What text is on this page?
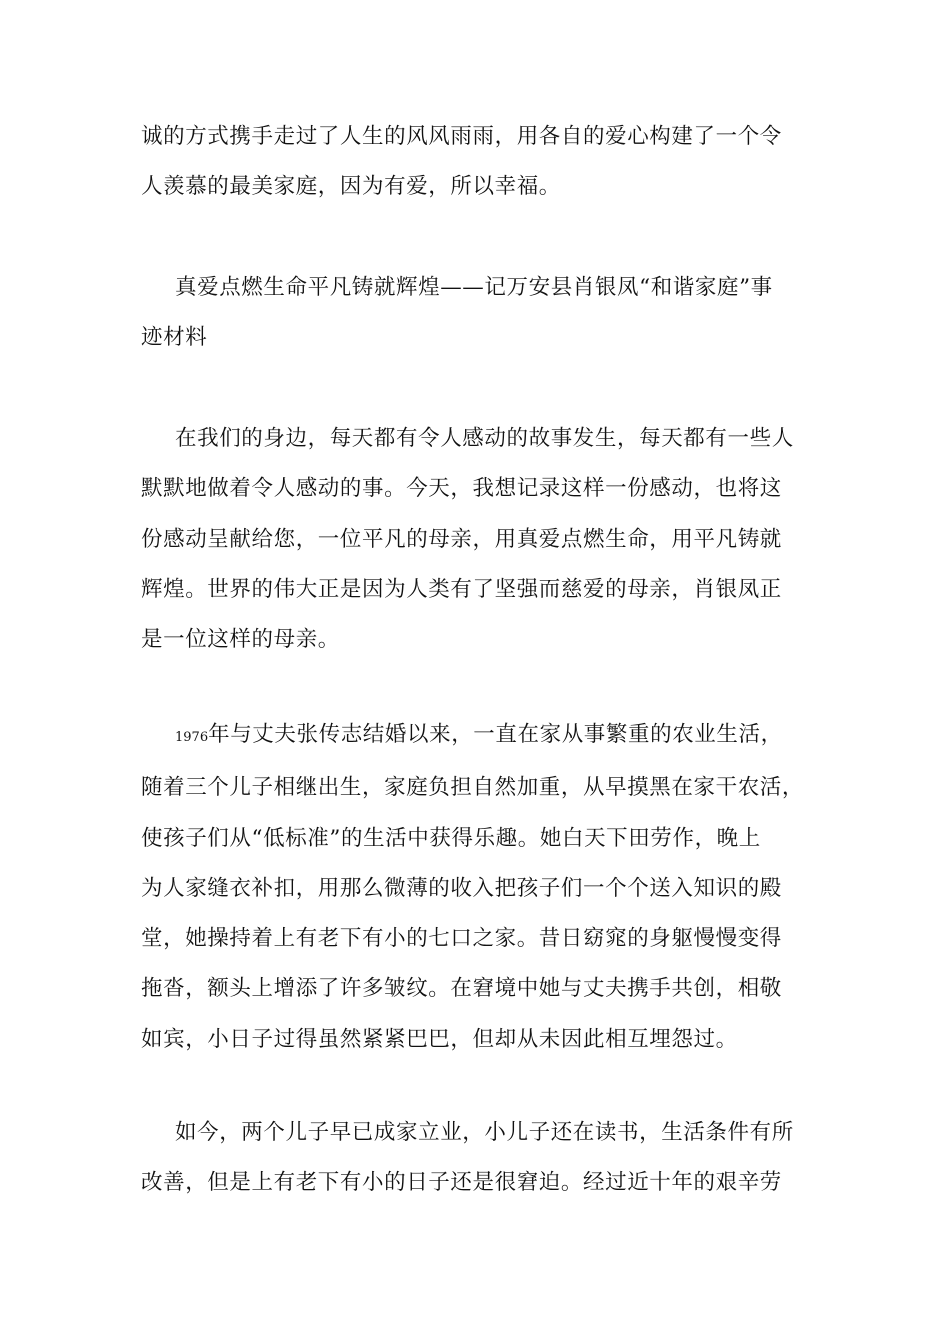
诚的方式携手走过了人生的风风雨雨，用各自的爱心构建了一个令
人羡慕的最美家庭，因为有爱，所以幸福。
真爱点燃生命平凡铸就辉煌——记万安县肖银凤“和谐家庭”事
迹材料
在我们的身边，每天都有令人感动的故事发生，每天都有一些人
默默地做着令人感动的事。今天，我想记录这样一份感动，也将这
份感动呈献给您，一位平凡的母亲，用真爱点燃生命，用平凡铸就
辉煌。世界的伟大正是因为人类有了坚强而慈爱的母亲，肖银凤正
是一位这样的母亲。
1976年与丈夫张传志结婚以来，一直在家从事繁重的农业生活，
随着三个儿子相继出生，家庭负担自然加重，从早摸黑在家干农活，
使孩子们从“低标准”的生活中获得乐趣。她白天下田劳作，晚上
为人家缝衣补扣，用那么微薄的收入把孩子们一个个送入知识的殿
堂，她操持着上有老下有小的七口之家。昔日窈窕的身躯慢慢变得
拖沓，额头上增添了许多皱纹。在窘境中她与丈夫携手共创，相敬
如宾，小日子过得虽然紧紧巴巴，但却从未因此相互埋怨过。
如今，两个儿子早已成家立业，小儿子还在读书，生活条件有所
改善，但是上有老下有小的日子还是很窘迫。经过近十年的艰辛劳
